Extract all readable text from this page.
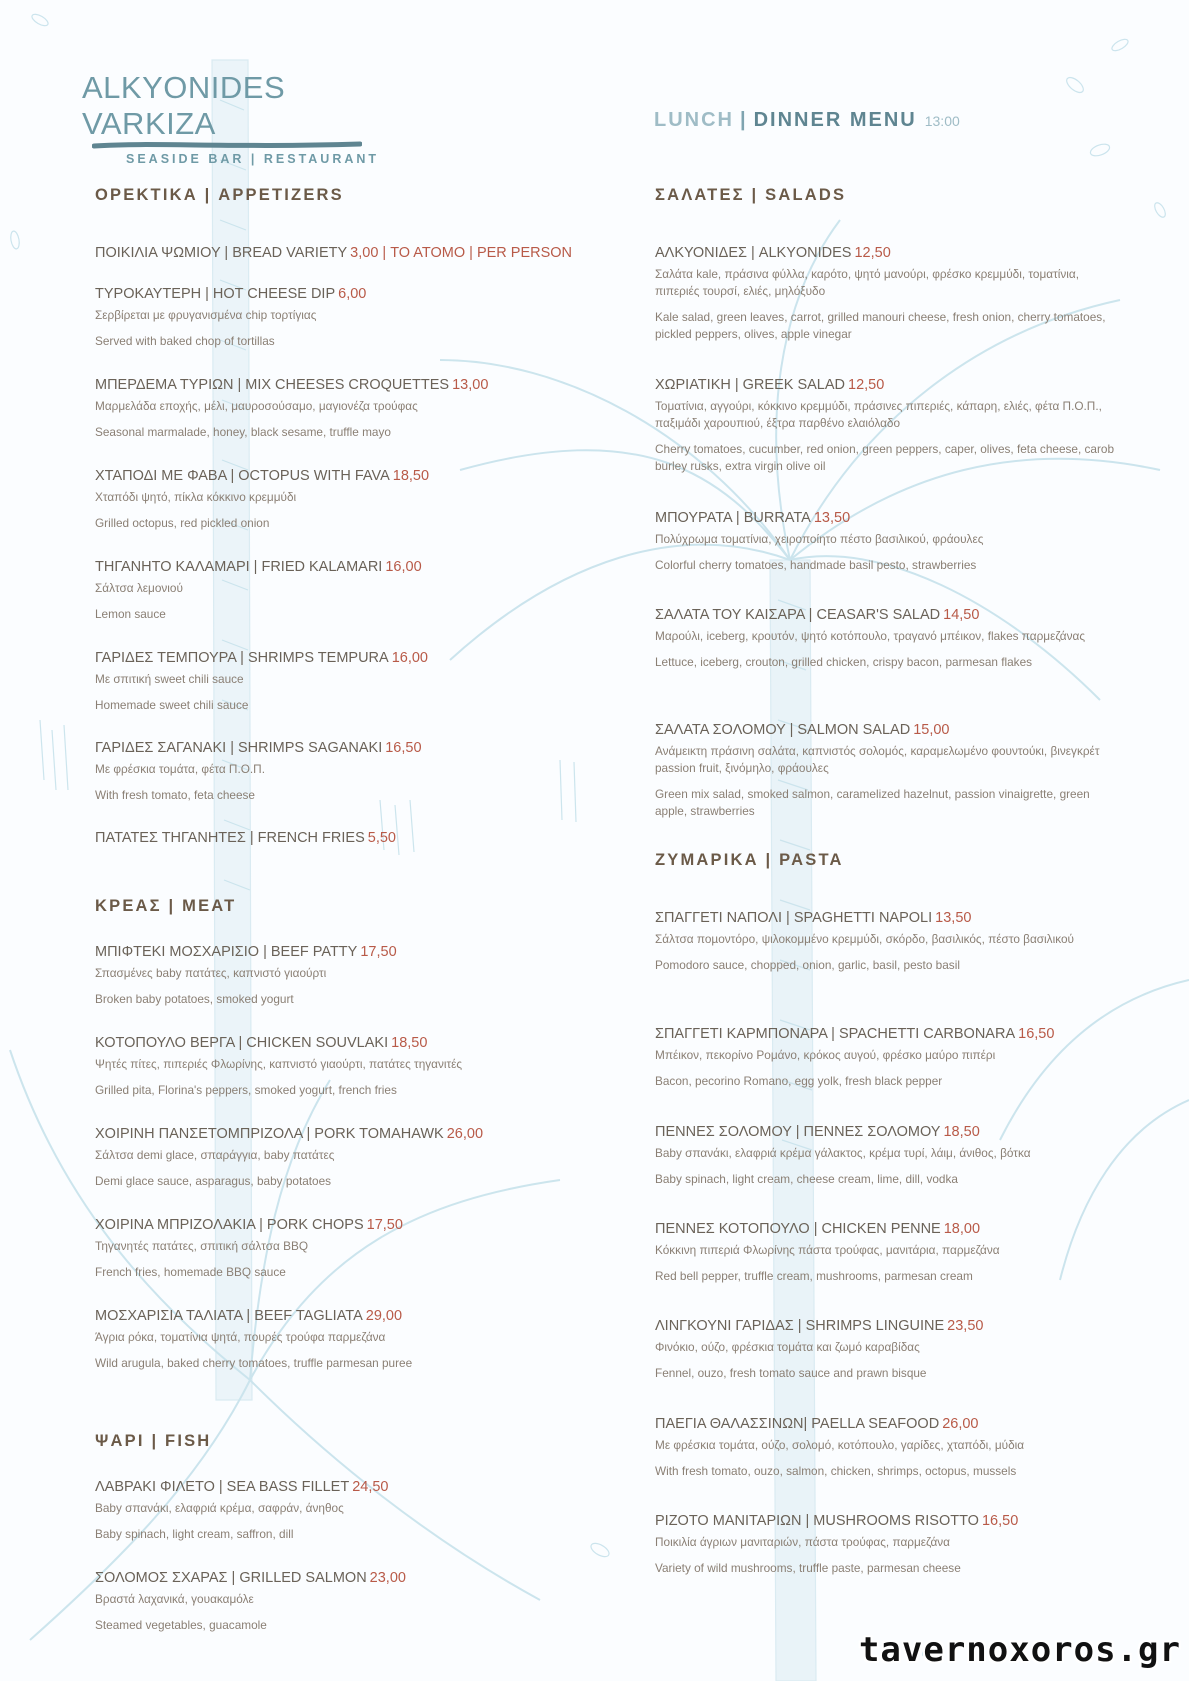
ALKYONIDES VARKIZA
SEASIDE BAR | RESTAURANT
LUNCH | DINNER MENU 13:00
ΟΡΕΚΤΙΚΑ | APPETIZERS
ΠΟΙΚΙΛΙΑ ΨΩΜΙΟΥ | BREAD VARIETY 3,00 | ΤΟ ΑΤΟΜΟ | PER PERSON
ΤΥΡΟΚΑΥΤΕΡΗ | HOT CHEESE DIP 6,00
Σερβίρεται με φρυγανισμένα chip τορτίγιας
Served with baked chop of tortillas
ΜΠΕΡΔΕΜΑ ΤΥΡΙΩΝ | MIX CHEESES CROQUETTES 13,00
Μαρμελάδα εποχής, μέλι, μαυροσούσαμο, μαγιονέζα τρούφας
Seasonal marmalade, honey, black sesame, truffle mayo
ΧΤΑΠΟΔΙ ΜΕ ΦΑΒΑ | OCTOPUS WITH FAVA 18,50
Χταπόδι ψητό, πίκλα κόκκινο κρεμμύδι
Grilled octopus, red pickled onion
ΤΗΓΑΝΗΤΟ ΚΑΛΑΜΑΡΙ | FRIED KALAMARI 16,00
Σάλτσα λεμονιού
Lemon sauce
ΓΑΡΙΔΕΣ ΤΕΜΠΟΥΡΑ | SHRIMPS TEMPURA 16,00
Με σπιτική sweet chili sauce
Homemade sweet chili sauce
ΓΑΡΙΔΕΣ ΣΑΓΑΝΑΚΙ | SHRIMPS SAGANAKI 16,50
Με φρέσκια τομάτα, φέτα Π.Ο.Π.
With fresh tomato, feta cheese
ΠΑΤΑΤΕΣ ΤΗΓΑΝΗΤΕΣ | FRENCH FRIES 5,50
ΚΡΕΑΣ | MEAT
ΜΠΙΦΤΕΚΙ ΜΟΣΧΑΡΙΣΙΟ | BEEF PATTY 17,50
Σπασμένες baby πατάτες, καπνιστό γιαούρτι
Broken baby potatoes, smoked yogurt
ΚΟΤΟΠΟΥΛΟ ΒΕΡΓΑ | CHICKEN SOUVLAKI 18,50
Ψητές πίτες, πιπεριές Φλωρίνης, καπνιστό γιαούρτι, πατάτες τηγανιτές
Grilled pita, Florina's peppers, smoked yogurt, french fries
ΧΟΙΡΙΝΗ ΠΑΝΣΕΤΟΜΠΡΙΖΟΛΑ | PORK TOMAHAWK 26,00
Σάλτσα demi glace, σπαράγγια, baby πατάτες
Demi glace sauce, asparagus, baby potatoes
ΧΟΙΡΙΝΑ ΜΠΡΙΖΟΛΑΚΙΑ | PORK CHOPS 17,50
Τηγανητές πατάτες, σπιτική σάλτσα BBQ
French fries, homemade BBQ sauce
ΜΟΣΧΑΡΙΣΙΑ ΤΑΛΙΑΤΑ | BEEF TAGLIATA 29,00
Άγρια ρόκα, τοματίνια ψητά, πουρές τρούφα παρμεζάνα
Wild arugula, baked cherry tomatoes, truffle parmesan puree
ΨΑΡΙ | FISH
ΛΑΒΡΑΚΙ ΦΙΛΕΤΟ | SEA BASS FILLET 24,50
Baby σπανάκι, ελαφριά κρέμα, σαφράν, άνηθος
Baby spinach, light cream, saffron, dill
ΣΟΛΟΜΟΣ ΣΧΑΡΑΣ | GRILLED SALMON 23,00
Βραστά λαχανικά, γουακαμόλε
Steamed vegetables, guacamole
ΣΑΛΑΤΕΣ | SALADS
ΑΛΚΥΟΝΙΔΕΣ | ALKYONIDES 12,50
Σαλάτα kale, πράσινα φύλλα, καρότο, ψητό μανούρι, φρέσκο κρεμμύδι, τοματίνια, πιπεριές τουρσί, ελιές, μηλόξυδο
Kale salad, green leaves, carrot, grilled manouri cheese, fresh onion, cherry tomatoes, pickled peppers, olives, apple vinegar
ΧΩΡΙΑΤΙΚΗ | GREEK SALAD 12,50
Τοματίνια, αγγούρι, κόκκινο κρεμμύδι, πράσινες πιπεριές, κάπαρη, ελιές, φέτα Π.Ο.Π., παξιμάδι χαρουπιού, έξτρα παρθένο ελαιόλαδο
Cherry tomatoes, cucumber, red onion, green peppers, caper, olives, feta cheese, carob burley rusks, extra virgin olive oil
ΜΠΟΥΡΑΤΑ | BURRATA 13,50
Πολύχρωμα τοματίνια, χειροποίητο πέστο βασιλικού, φράουλες
Colorful cherry tomatoes, handmade basil pesto, strawberries
ΣΑΛΑΤΑ ΤΟΥ ΚΑΙΣΑΡΑ | CEASAR'S SALAD 14,50
Μαρούλι, iceberg, κρουτόν, ψητό κοτόπουλο, τραγανό μπέικον, flakes παρμεζάνας
Lettuce, iceberg, crouton, grilled chicken, crispy bacon, parmesan flakes
ΣΑΛΑΤΑ ΣΟΛΟΜΟΥ | SALMON SALAD 15,00
Ανάμεικτη πράσινη σαλάτα, καπνιστός σολομός, καραμελωμένο φουντούκι, βινεγκρέτ passion fruit, ξινόμηλο, φράουλες
Green mix salad, smoked salmon, caramelized hazelnut, passion vinaigrette, green apple, strawberries
ΖΥΜΑΡΙΚΑ | PASTA
ΣΠΑΓΓΕΤΙ ΝΑΠΟΛΙ | SPAGHETTI NAPOLI 13,50
Σάλτσα ποµοντόρο, ψιλοκομμένο κρεμμύδι, σκόρδο, βασιλικός, πέστο βασιλικού
Pomodoro sauce, chopped, onion, garlic, basil, pesto basil
ΣΠΑΓΓΕΤΙ ΚΑΡΜΠΟΝΑΡΑ | SPACHETTI CARBONARA 16,50
Μπέικον, πεκορίνο Ρομάνο, κρόκος αυγού, φρέσκο μαύρο πιπέρι
Bacon, pecorino Romano, egg yolk, fresh black pepper
ΠΕΝΝΕΣ ΣΟΛΟΜΟΥ | ΠΕΝΝΕΣ ΣΟΛΟΜΟΥ 18,50
Baby σπανάκι, ελαφριά κρέμα γάλακτος, κρέμα τυρί, λάιμ, άνιθος, βότκα
Baby spinach, light cream, cheese cream, lime, dill, vodka
ΠΕΝΝΕΣ ΚΟΤΟΠΟΥΛΟ | CHICKEN PENNE 18,00
Κόκκινη πιπεριά Φλωρίνης πάστα τρούφας, μανιτάρια, παρμεζάνα
Red bell pepper, truffle cream, mushrooms, parmesan cream
ΛΙΝΓΚΟΥΝΙ ΓΑΡΙΔΑΣ | SHRIMPS LINGUINE 23,50
Φινόκιο, ούζο, φρέσκια τομάτα και ζωμό καραβίδας
Fennel, ouzo, fresh tomato sauce and prawn bisque
ΠΑΕΓΙΑ ΘΑΛΑΣΣΙΝΩΝ| PAELLA SEAFOOD 26,00
Με φρέσκια τομάτα, ούζο, σολομό, κοτόπουλο, γαρίδες, χταπόδι, μύδια
With fresh tomato, ouzo, salmon, chicken, shrimps, octopus, mussels
ΡΙΖΟΤΟ ΜΑΝΙΤΑΡΙΩΝ | MUSHROOMS RISOTTO 16,50
Ποικιλία άγριων μανιταριών, πάστα τρούφας, παρμεζάνα
Variety of wild mushrooms, truffle paste, parmesan cheese
tavernoxoros.gr
